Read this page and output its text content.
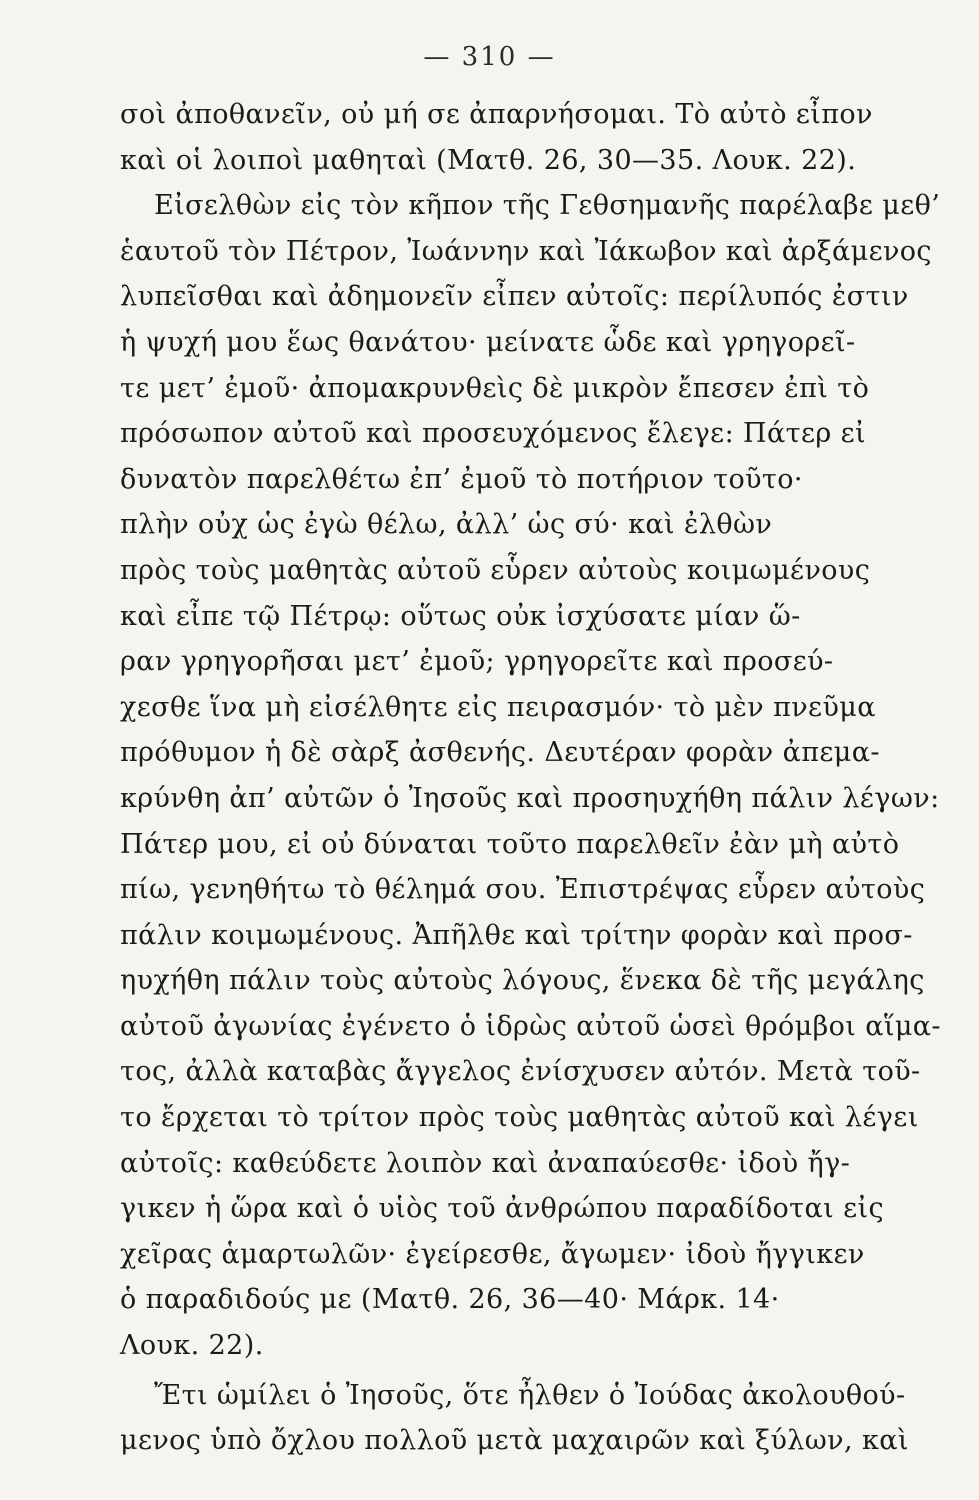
— 310 —
σοὶ ἀποθανεῖν, οὐ μή σε ἀπαρνήσομαι. Τὸ αὐτὸ εἶπον
καὶ οἱ λοιποὶ μαθηταὶ (Ματθ. 26, 30—35. Λουκ. 22).
Εἰσελθὼν εἰς τὸν κῆπον τῆς Γεθσημανῆς παρέλαβε μεθ’
ἑαυτοῦ τὸν Πέτρον, Ἰωάννην καὶ Ἰάκωβον καὶ ἀρξάμενος
λυπεῖσθαι καὶ ἀδημονεῖν εἶπεν αὐτοῖς: περίλυπός ἐστιν
ἡ ψυχή μου ἕως θανάτου· μείνατε ὧδε καὶ γρηγορεῖ-
τε μετ’ ἐμοῦ· ἀπομακρυνθεὶς δὲ μικρὸν ἔπεσεν ἐπὶ τὸ
πρόσωπον αὐτοῦ καὶ προσευχόμενος ἔλεγε: Πάτερ εἰ
δυνατὸν παρελθέτω ἐπ’ ἐμοῦ τὸ ποτήριον τοῦτο·
πλὴν οὐχ ὡς ἐγὼ θέλω, ἀλλ’ ὡς σύ· καὶ ἐλθὼν
πρὸς τοὺς μαθητὰς αὐτοῦ εὗρεν αὐτοὺς κοιμωμένους
καὶ εἶπε τῷ Πέτρῳ: οὕτως οὐκ ἰσχύσατε μίαν ὥ-
ραν γρηγορῆσαι μετ’ ἐμοῦ; γρηγορεῖτε καὶ προσεύ-
χεσθε ἵνα μὴ εἰσέλθητε εἰς πειρασμόν· τὸ μὲν πνεῦμα
πρόθυμον ἡ δὲ σὰρξ ἀσθενής. Δευτέραν φορὰν ἀπεμα-
κρύνθη ἀπ’ αὐτῶν ὁ Ἰησοῦς καὶ προσηυχήθη πάλιν λέγων:
Πάτερ μου, εἰ οὐ δύναται τοῦτο παρελθεῖν ἐὰν μὴ αὐτὸ
πίω, γενηθήτω τὸ θέλημά σου. Ἐπιστρέψας εὗρεν αὐτοὺς
πάλιν κοιμωμένους. Ἀπῆλθε καὶ τρίτην φορὰν καὶ προσ-
ηυχήθη πάλιν τοὺς αὐτοὺς λόγους, ἕνεκα δὲ τῆς μεγάλης
αὐτοῦ ἀγωνίας ἐγένετο ὁ ἱδρὼς αὐτοῦ ὡσεὶ θρόμβοι αἵμα-
τος, ἀλλὰ καταβὰς ἄγγελος ἐνίσχυσεν αὐτόν. Μετὰ τοῦ-
το ἔρχεται τὸ τρίτον πρὸς τοὺς μαθητὰς αὐτοῦ καὶ λέγει
αὐτοῖς: καθεύδετε λοιπὸν καὶ ἀναπαύεσθε· ἰδοὺ ἤγ-
γικεν ἡ ὥρα καὶ ὁ υἱὸς τοῦ ἀνθρώπου παραδίδοται εἰς
χεῖρας ἁμαρτωλῶν· ἐγείρεσθε, ἄγωμεν· ἰδοὺ ἤγγικεν
ὁ παραδιδούς με (Ματθ. 26, 36—40· Μάρκ. 14·
Λουκ. 22).
Ἔτι ὡμίλει ὁ Ἰησοῦς, ὅτε ἦλθεν ὁ Ἰούδας ἀκολουθού-
μενος ὑπὸ ὄχλου πολλοῦ μετὰ μαχαιρῶν καὶ ξύλων, καὶ
